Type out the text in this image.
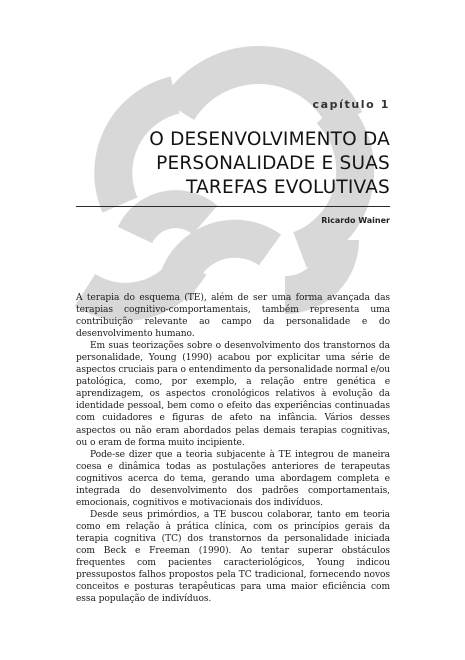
capítulo 1
O DESENVOLVIMENTO DA
PERSONALIDADE E SUAS
TAREFAS EVOLUTIVAS
Ricardo Wainer

A terapia do esquema (TE), além de ser uma forma avançada das terapias cognitivo-comportamentais, também representa uma contribuição relevante ao campo da personalidade e do desenvolvimento humano.

Em suas teorizações sobre o desenvolvimento dos transtornos da personalidade, Young (1990) acabou por explicitar uma série de aspectos cruciais para o entendimento da personalidade normal e/ou patológica, como, por exemplo, a relação entre genética e aprendizagem, os aspectos cronológicos relativos à evolução da identidade pessoal, bem como o efeito das experiências continuadas com cuidadores e figuras de afeto na infância. Vários desses aspectos ou não eram abordados pelas demais terapias cognitivas, ou o eram de forma muito incipiente.

Pode-se dizer que a teoria subjacente à TE integrou de maneira coesa e dinâmica todas as postulações anteriores de terapeutas cognitivos acerca do tema, gerando uma abordagem completa e integrada do desenvolvimento dos padrões comportamentais, emocionais, cognitivos e motivacionais dos indivíduos.

Desde seus primórdios, a TE buscou colaborar, tanto em teoria como em relação à prática clínica, com os princípios gerais da terapia cognitiva (TC) dos transtornos da personalidade iniciada com Beck e Freeman (1990). Ao tentar superar obstáculos frequentes com pacientes caracteriológicos, Young indicou pressupostos falhos propostos pela TC tradicional, fornecendo novos conceitos e posturas terapêuticas para uma maior eficiência com essa população de indivíduos.
